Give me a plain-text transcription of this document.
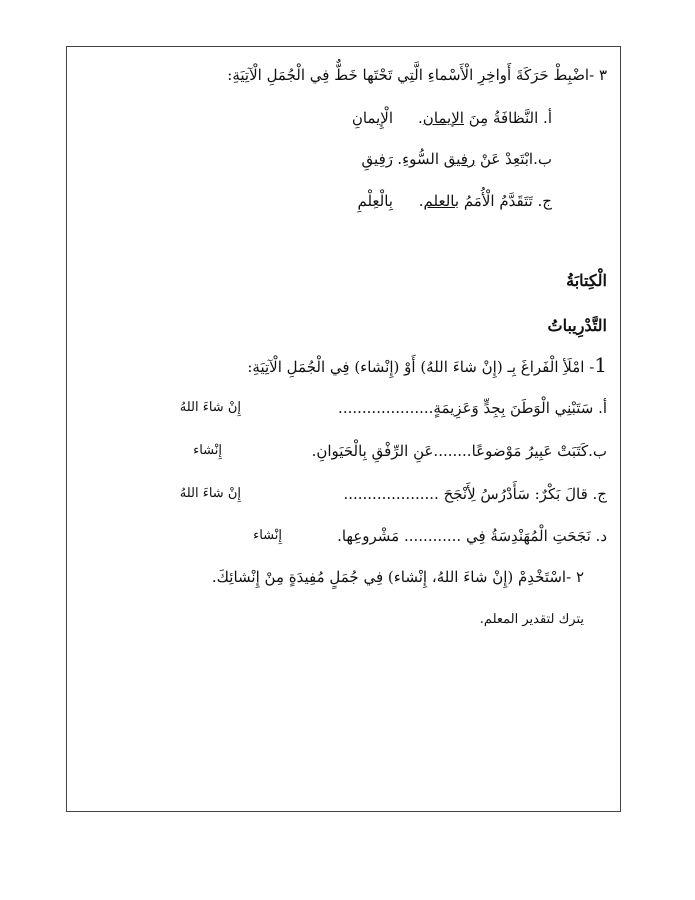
٣ -اضْبِطْ حَرَكَةَ أَواخِرِ الْأَسْماءِ الَّتِي تَحْتَها خَطٌّ فِي الْجُمَلِ الْآتِيَةِ:
أ. النَّظافَةُ مِنَ الإيمان.
الْإِيمانِ
ب.ابْتَعِدْ عَنْ رفيق السُّوءِ.
رَفِيقِ
ج. تَتَقَدَّمُ الْأُمَمُ بالعلم.
بِالْعِلْمِ
الْكِتابَةُ
التَّدْرِيباتُ
1- امْلَأِ الْفَراغَ بِـ (إِنْ شاءَ اللهُ) أَوْ (إِنْشاء) فِي الْجُمَلِ الْآتِيَةِ:
أ. سَتَبْنِي الْوَطَنَ بِجِدٍّ وَعَزِيمَةٍ....................
إِنْ شاءَ اللهُ
ب.كَتَبَتْ عَبِيرُ مَوْضوعًا........عَنِ الرِّفْقِ بِالْحَيَوانِ.
إِنْشاء
ج. قالَ بَكْرٌ: سَأَدْرُسُ لِأَنْجَحَ ....................
إِنْ شاءَ اللهُ
د. نَجَحَتِ الْمُهَنْدِسَةُ فِي ............ مَشْروعِها.
إِنْشاء
٢ -اسْتَخْدِمْ (إِنْ شاءَ اللهُ، إِنْشاء) فِي جُمَلٍ مُفِيدَةٍ مِنْ إِنْشائِكَ.
يترك لتقدير المعلم.
